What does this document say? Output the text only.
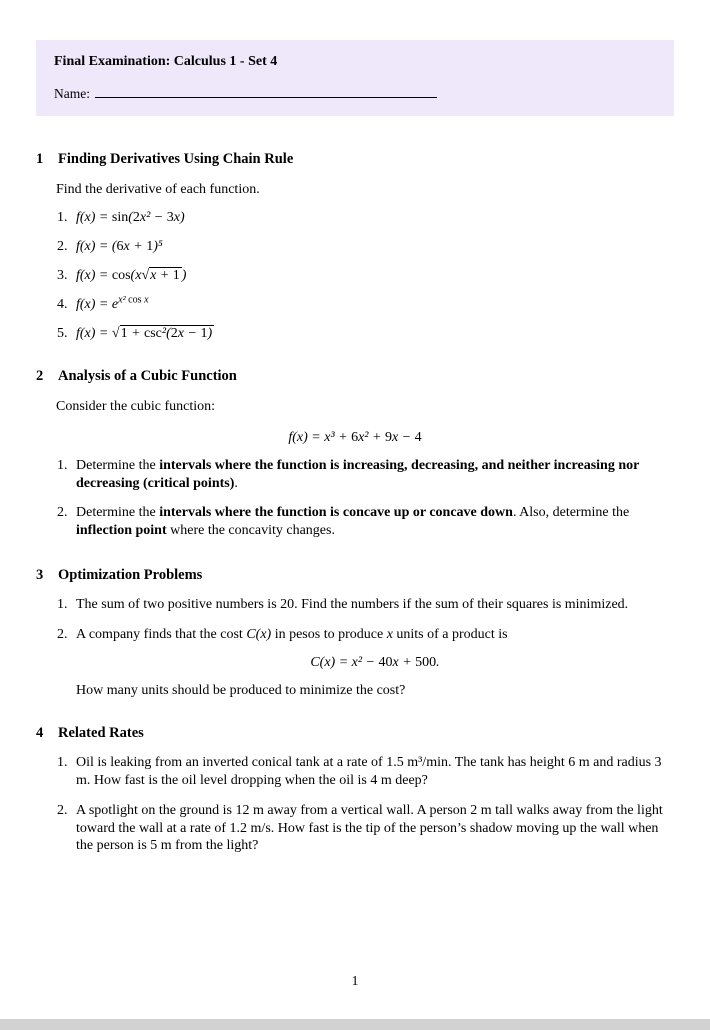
Final Examination: Calculus 1 - Set 4
Name:
1	Finding Derivatives Using Chain Rule

Find the derivative of each function.

1. f(x) = sin(2x² − 3x)
2. f(x) = (6x + 1)⁵
3. f(x) = cos(x√x + 1 )
4. $f(x) = e^{x^2 cos x}$
5. f(x) = √1 + csc²(2x − 1)
2	Analysis of a Cubic Function

Consider the cubic function:

f(x) = x³ + 6x² + 9x − 4
1. Determine the intervals where the function is increasing, decreasing, and neither increasing nor decreasing (critical points).
2. Determine the intervals where the function is concave up or concave down. Also, determine the inflection point where the concavity changes.
3	Optimization Problems
1. The sum of two positive numbers is 20. Find the numbers if the sum of their squares is minimized.
2. A company finds that the cost C(x) in pesos to produce x units of a product is
C(x) = x² − 40x + 500.
How many units should be produced to minimize the cost?
4	Related Rates
1. Oil is leaking from an inverted conical tank at a rate of 1.5 m³/min. The tank has height 6 m and radius 3 m. How fast is the oil level dropping when the oil is 4 m deep?
2. A spotlight on the ground is 12 m away from a vertical wall. A person 2 m tall walks away from the light toward the wall at a rate of 1.2 m/s. How fast is the tip of the person’s shadow moving up the wall when the person is 5 m from the light?
1
